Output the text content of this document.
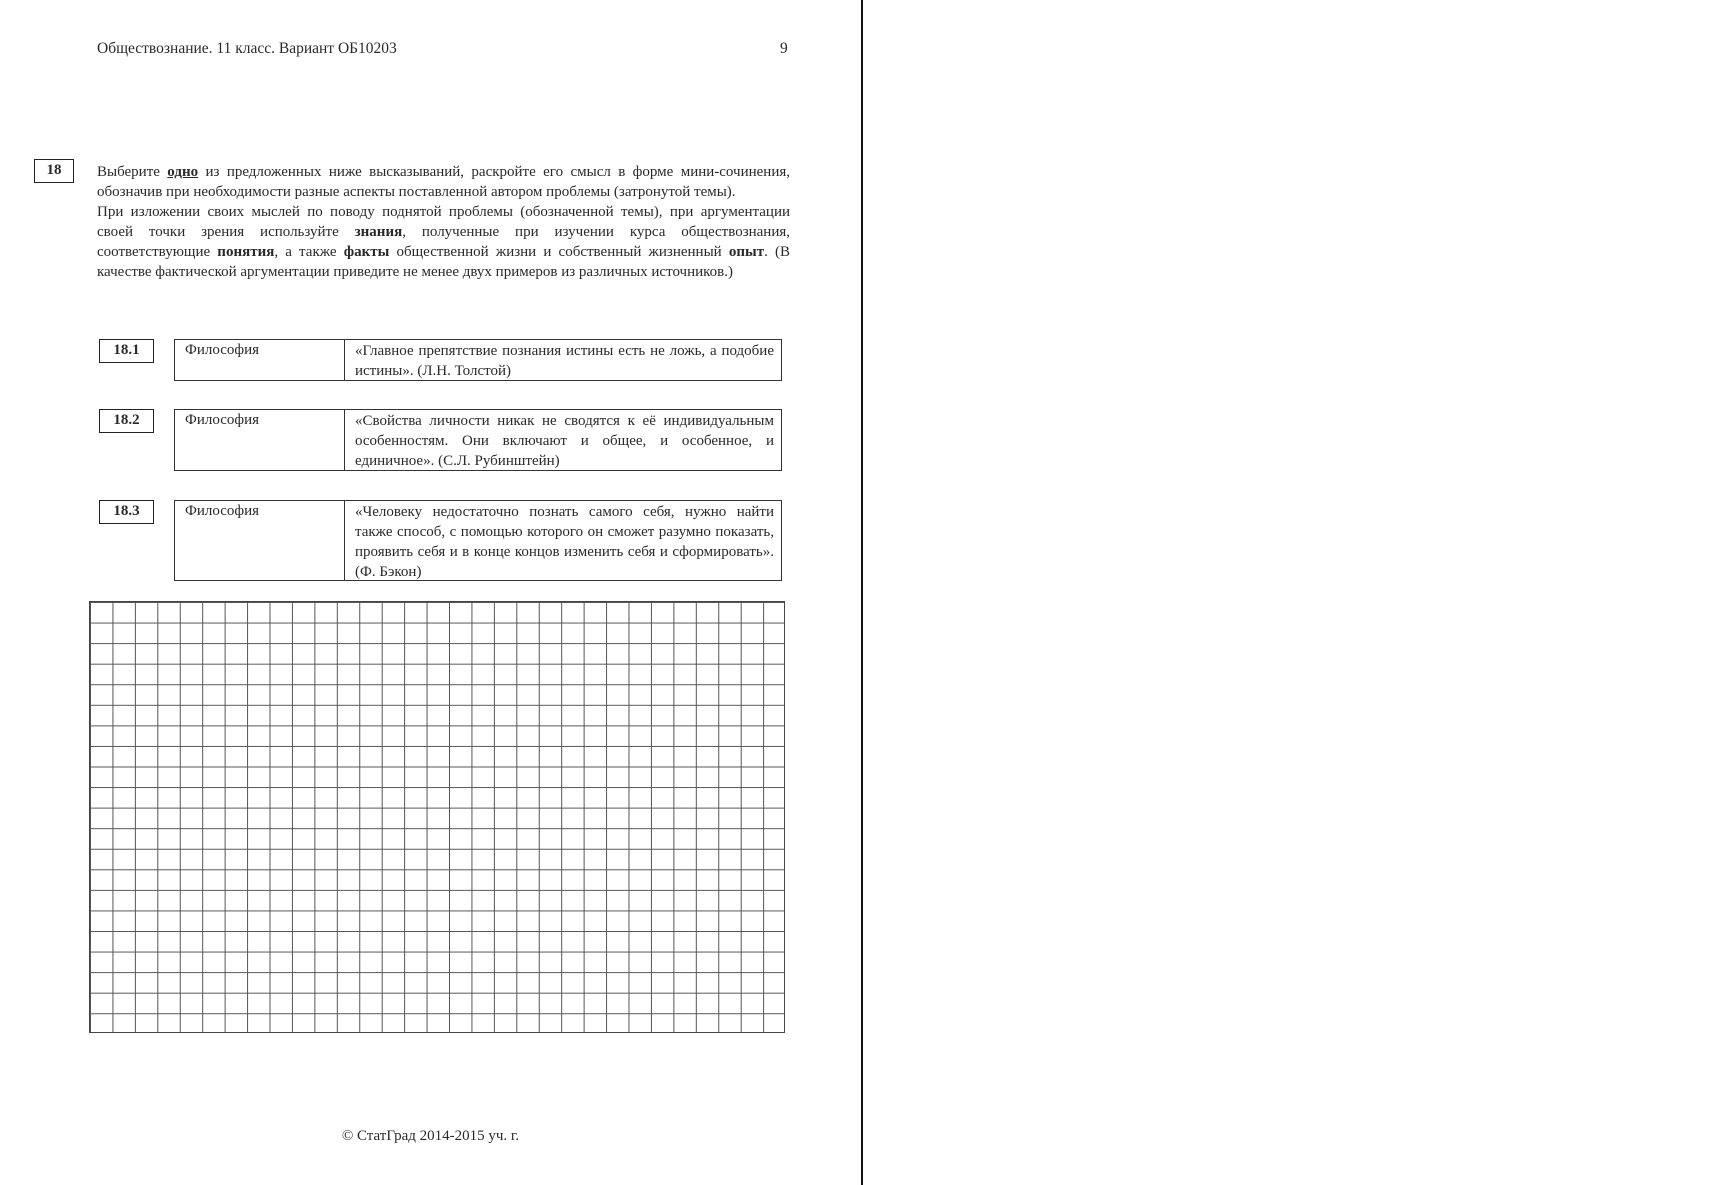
Обществознание. 11 класс. Вариант ОБ10203	9
18	Выберите одно из предложенных ниже высказываний, раскройте его смысл в форме мини-сочинения, обозначив при необходимости разные аспекты поставленной автором проблемы (затронутой темы).

При изложении своих мыслей по поводу поднятой проблемы (обозначенной темы), при аргументации своей точки зрения используйте знания, полученные при изучении курса обществознания, соответствующие понятия, а также факты общественной жизни и собственный жизненный опыт. (В качестве фактической аргументации приведите не менее двух примеров из различных источников.)

18.1	Философия	«Главное препятствие познания истины есть не ложь, а подобие истины». (Л.Н. Толстой)
18.2	Философия	«Свойства личности никак не сводятся к её индивидуальным особенностям. Они включают и общее, и особенное, и единичное». (С.Л. Рубинштейн)
18.3	Философия	«Человеку недостаточно познать самого себя, нужно найти также способ, с помощью которого он сможет разумно показать, проявить себя и в конце концов изменить себя и сформировать». (Ф. Бэкон)
© СтатГрад 2014-2015 уч. г.
